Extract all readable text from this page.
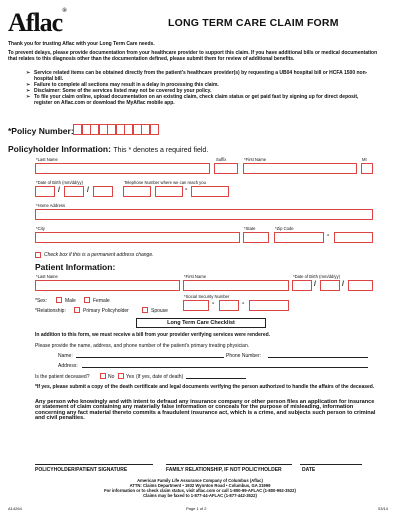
Aflac®
LONG TERM CARE CLAIM FORM
Thank you for trusting Aflac with your Long Term Care needs.
To prevent delays, please provide documentation from your healthcare provider to support this claim. If you have additional bills or medical documentation that relates to this diagnosis other than the documentation defined, please submit them for review of additional benefits.
➢ Service related items can be obtained directly from the patient's healthcare provider(s) by requesting a UB04 hospital bill or HCFA 1500 non-hospital bill.
➢ Failure to complete all sections may result in a delay in processing this claim.
➢ Disclaimer: Some of the services listed may not be covered by your policy.
➢ To file your claim online, upload documentation on an existing claim, check claim status or get paid fast by signing up for direct deposit, register on Aflac.com or download the MyAflac mobile app.
*Policy Number:
Policyholder Information: This * denotes a required field.
*Last Name	Suffix	*First Name	MI
*Date of Birth (mm/dd/yy)	Telephone Number where we can reach you
/	/	-
*Home Address
*City	*State	*Zip Code
-
Check box if this is a permanent address change.
Patient Information:
*Last Name	*First Name	*Date of Birth (mm/dd/yy)
/	/
*Sex:	Male	Female
*Social Security Number
-	-
*Relationship:	Primary Policyholder	Spouse
Long Term Care Checklist
In addition to this form, we must receive a bill from your provider verifying services were rendered.
Please provide the name, address, and phone number of the patient's primary treating physician.
Name:	Phone Number:
Address:
Is the patient deceased?	No Yes (If yes, date of death)
*If yes, please submit a copy of the death certificate and legal documents verifying the person authorized to handle the affairs of the deceased.
Any person who knowingly and with intent to defraud any insurance company or other person files an application for insurance or statement of claim containing any materially false information or conceals for the purpose of misleading, information concerning any fact material thereto commits a fraudulent insurance act, which is a crime, and subjects such person to criminal and civil penalties.
POLICYHOLDER/PATIENT SIGNATURE	FAMILY RELATIONSHIP, IF NOT POLICYHOLDER	DATE
American Family Life Assurance Company of Columbus (Aflac)
ATTN: Claims Department • 1932 Wynnton Road • Columbus, GA 31999
For information or to check claim status, visit aflac.com or call 1-800-99-AFLAC (1-800-992-3522)
Claims may be faxed to 1-877-44-AFLAC (1-877-442-3522)
A14264	Page 1 of 2	03/14
